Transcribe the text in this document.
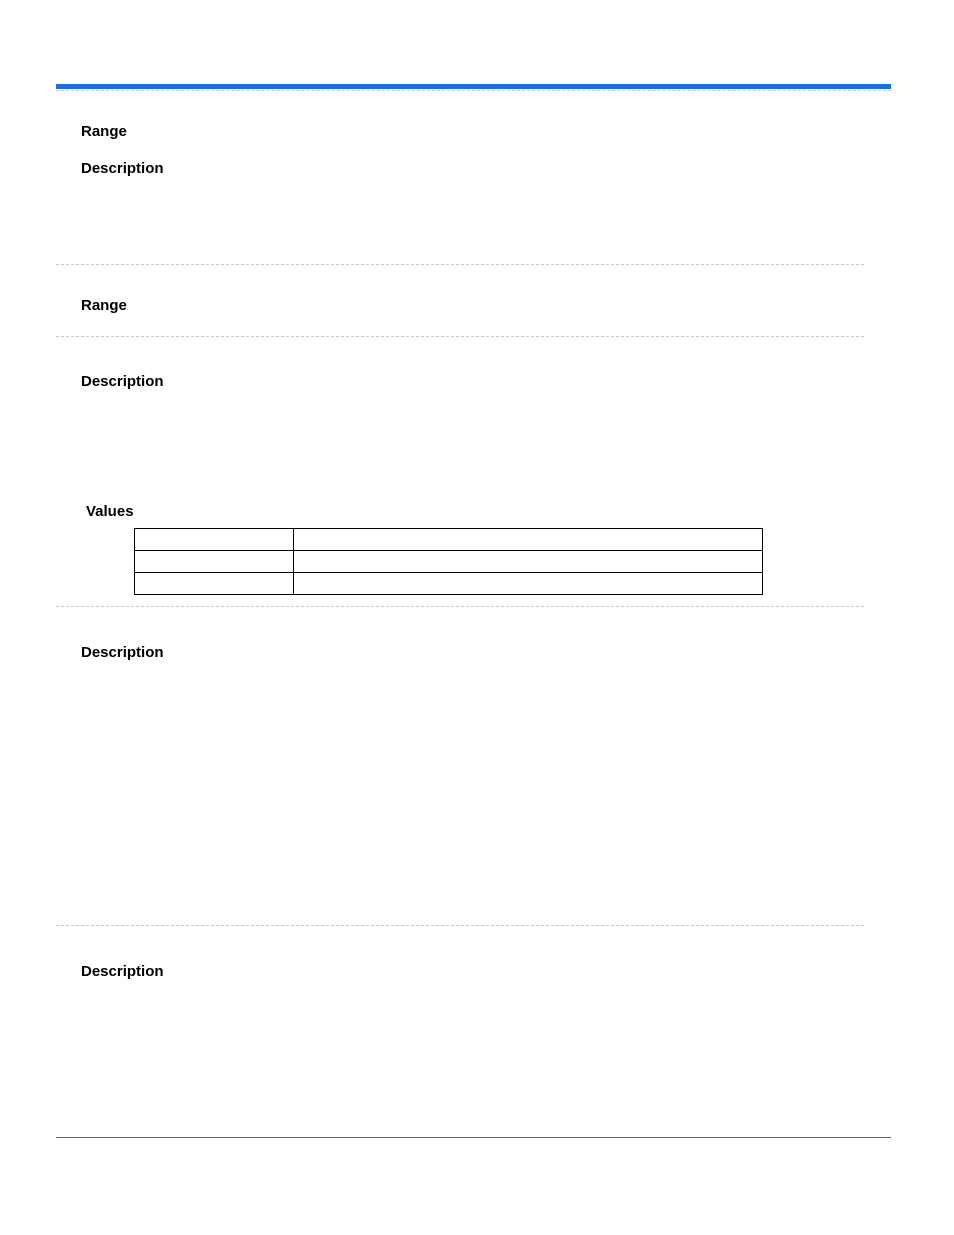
Range
Description
Range
Description
Values

Description
Description
